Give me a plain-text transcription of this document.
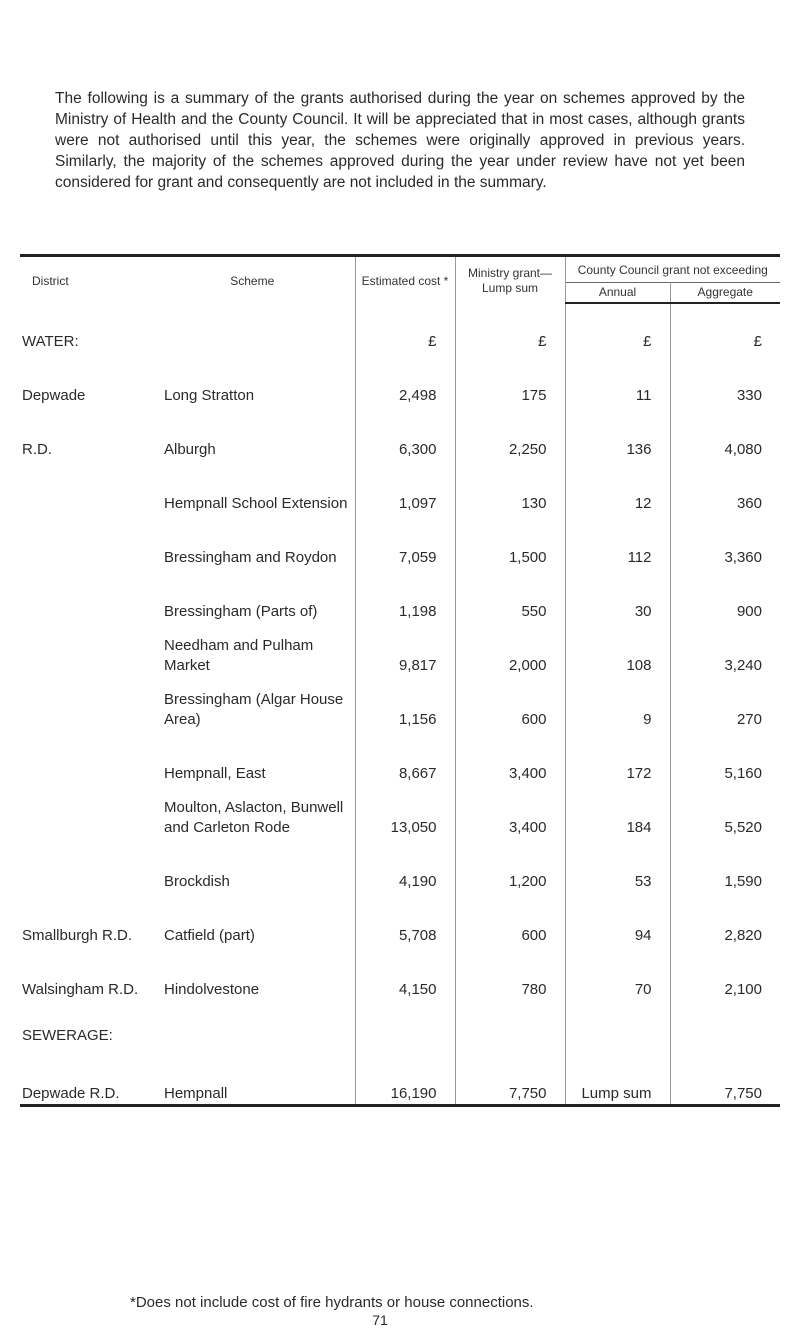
The following is a summary of the grants authorised during the year on schemes approved by the Ministry of Health and the County Council. It will be appreciated that in most cases, although grants were not authorised until this year, the schemes were originally approved in previous years. Similarly, the majority of the schemes approved during the year under review have not yet been considered for grant and consequently are not included in the summary.

District	Scheme	Estimated cost *	Ministry grant— Lump sum	County Council grant not exceeding	
				Annual	Aggregate
WATER:		£	£	£	£
Depwade	Long Stratton	2,498	175	11	330
R.D.	Alburgh	6,300	2,250	136	4,080
	Hempnall School Extension	1,097	130	12	360
	Bressingham and Roydon	7,059	1,500	112	3,360
	Bressingham (Parts of)	1,198	550	30	900
	Needham and Pulham Market	9,817	2,000	108	3,240
	Bressingham (Algar House Area)	1,156	600	9	270
	Hempnall, East	8,667	3,400	172	5,160
	Moulton, Aslacton, Bunwell and Carleton Rode	13,050	3,400	184	5,520
	Brockdish	4,190	1,200	53	1,590
Smallburgh R.D.	Catfield (part)	5,708	600	94	2,820
Walsingham R.D.	Hindolvestone	4,150	780	70	2,100
SEWERAGE:					
Depwade R.D.	Hempnall	16,190	7,750	Lump sum	7,750

*Does not include cost of fire hydrants or house connections.

71
